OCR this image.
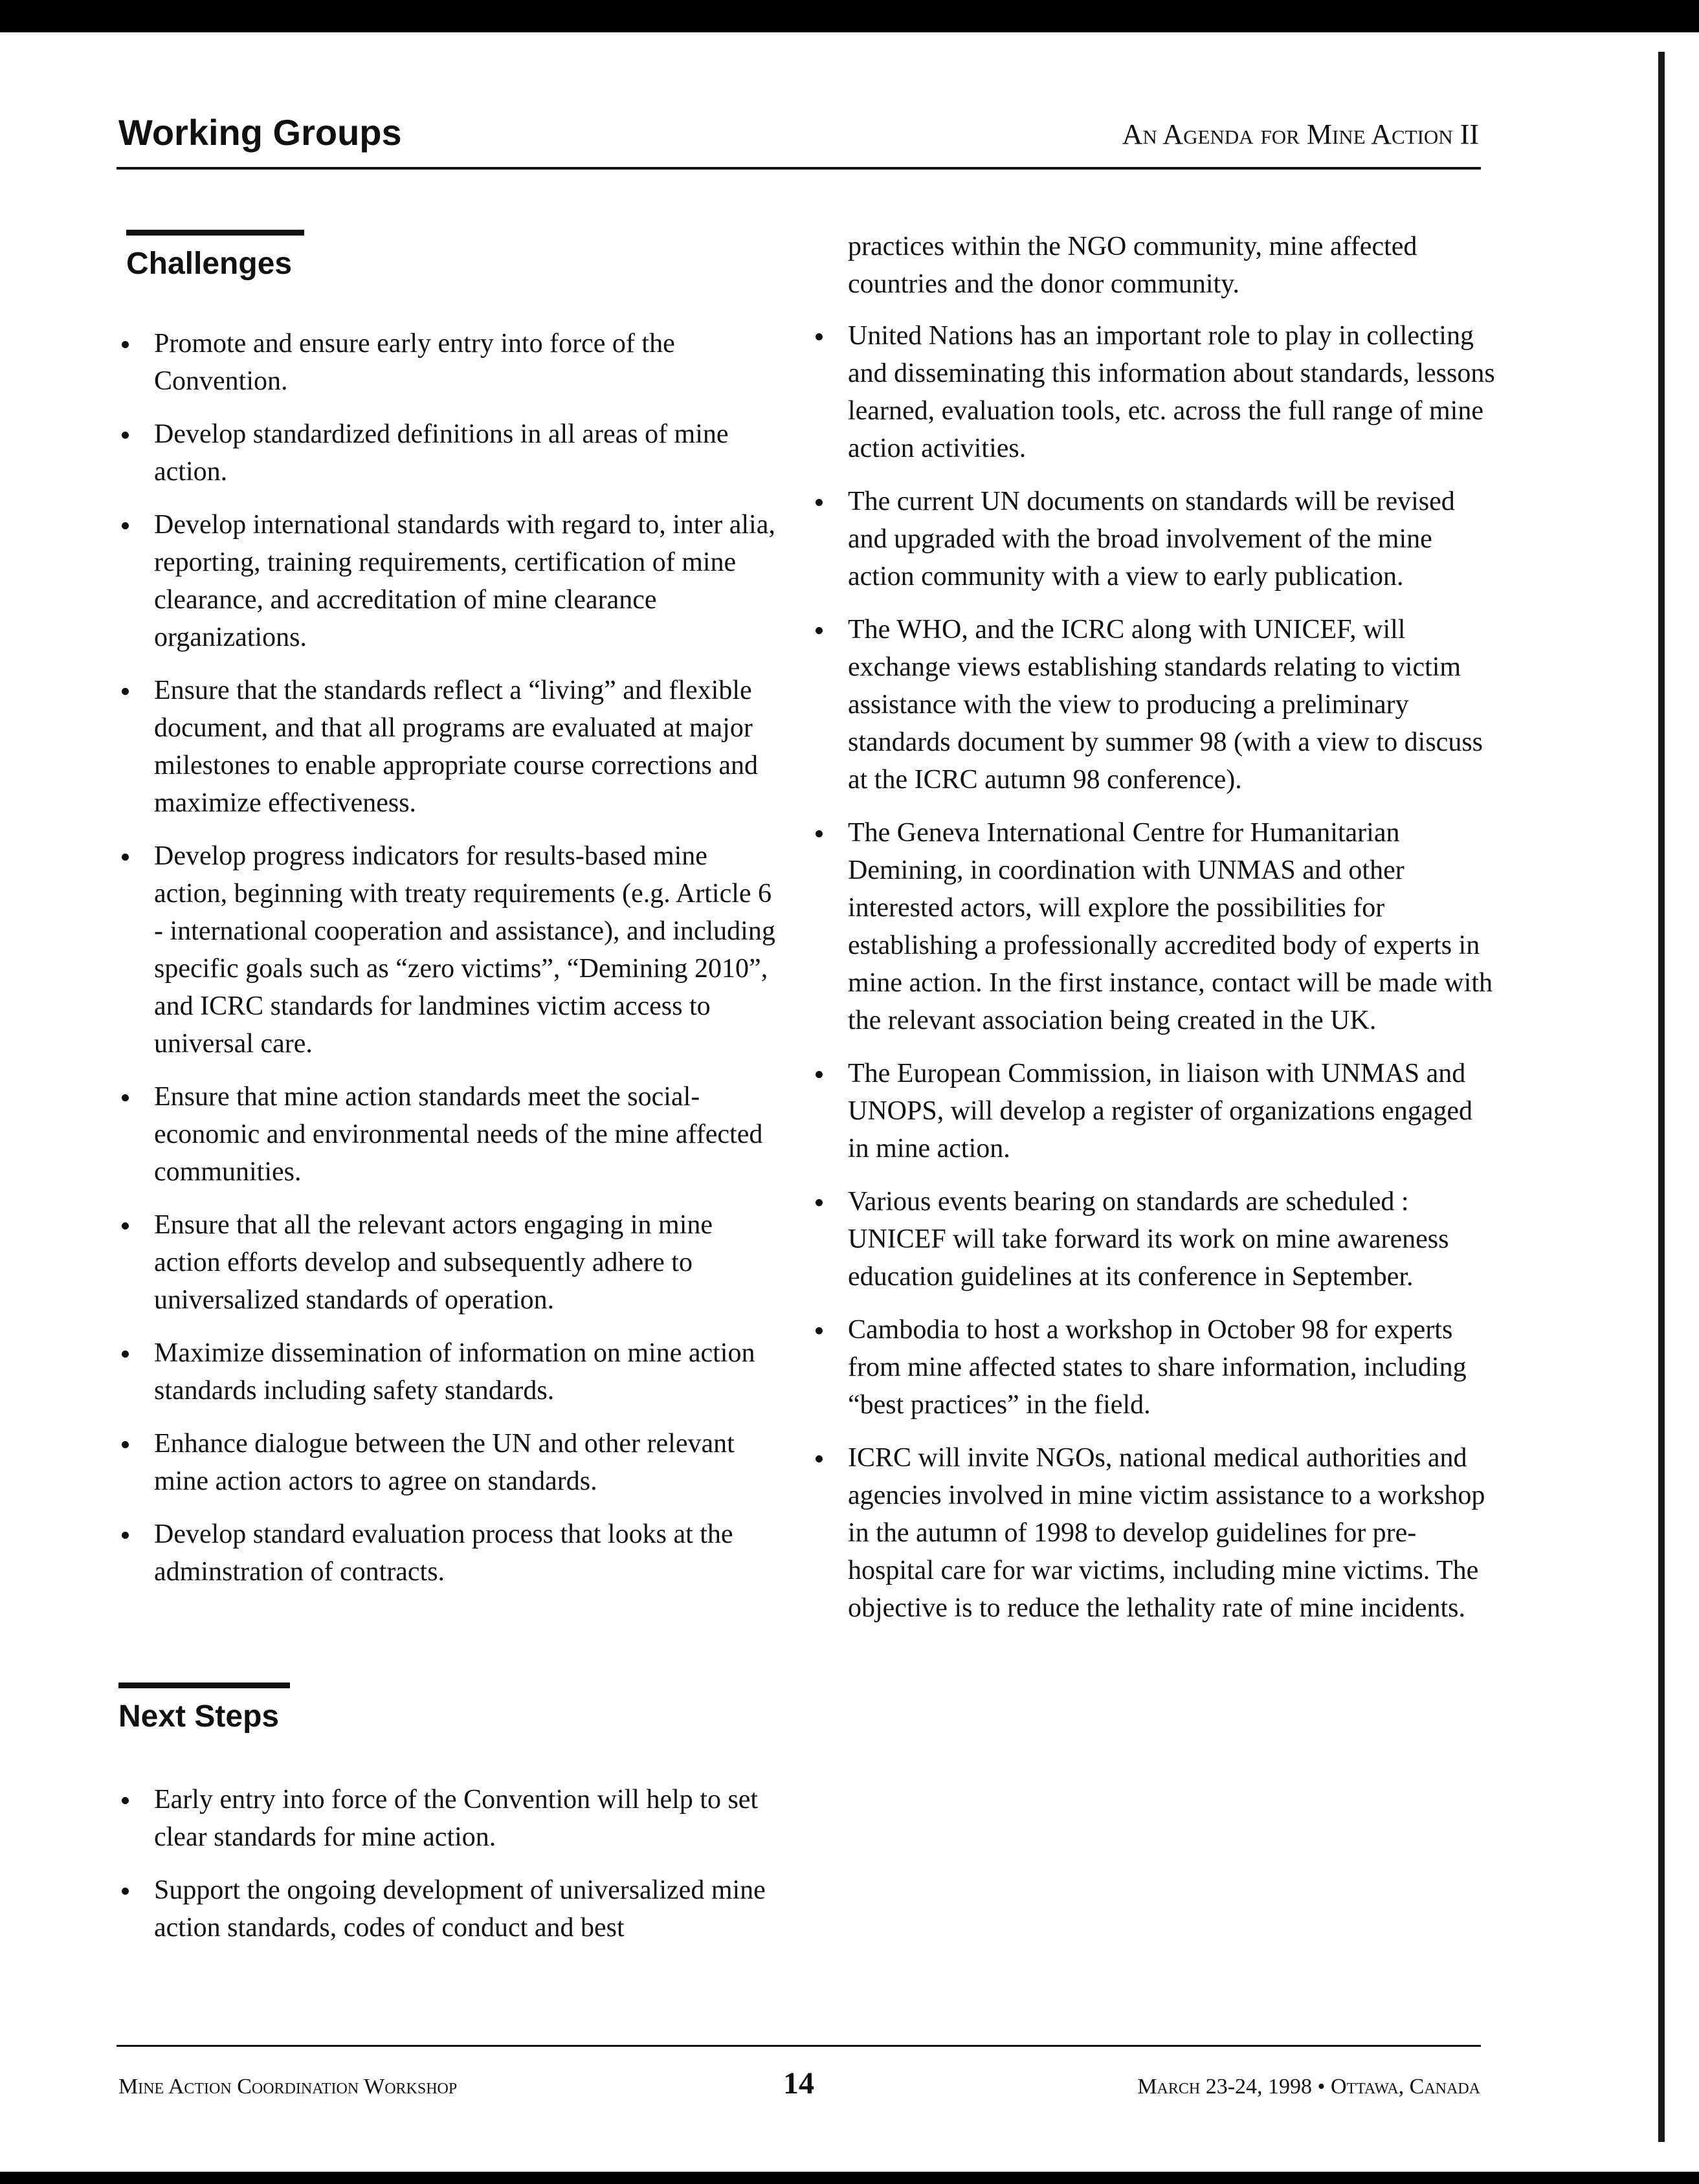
Working Groups	An Agenda for Mine Action II
Challenges
Promote and ensure early entry into force of the Convention.
Develop standardized definitions in all areas of mine action.
Develop international standards with regard to, inter alia, reporting, training requirements, certification of mine clearance, and accreditation of mine clearance organizations.
Ensure that the standards reflect a “living” and flexible document, and that all programs are evaluated at major milestones to enable appropriate course corrections and maximize effectiveness.
Develop progress indicators for results-based mine action, beginning with treaty requirements (e.g. Article 6 - international cooperation and assistance), and including specific goals such as “zero victims”, “Demining 2010”, and ICRC standards for landmines victim access to universal care.
Ensure that mine action standards meet the social-economic and environmental needs of the mine affected communities.
Ensure that all the relevant actors engaging in mine action efforts develop and subsequently adhere to universalized standards of operation.
Maximize dissemination of information on mine action standards including safety standards.
Enhance dialogue between the UN and other relevant mine action actors to agree on standards.
Develop standard evaluation process that looks at the adminstration of contracts.
Next Steps
Early entry into force of the Convention will help to set clear standards for mine action.
Support the ongoing development of universalized mine action standards, codes of conduct and best

practices within the NGO community, mine affected countries and the donor community.

United Nations has an important role to play in collecting and disseminating this information about standards, lessons learned, evaluation tools, etc. across the full range of mine action activities.
The current UN documents on standards will be revised and upgraded with the broad involvement of the mine action community with a view to early publication.
The WHO, and the ICRC along with UNICEF, will exchange views establishing standards relating to victim assistance with the view to producing a preliminary standards document by summer 98 (with a view to discuss at the ICRC autumn 98 conference).
The Geneva International Centre for Humanitarian Demining, in coordination with UNMAS and other interested actors, will explore the possibilities for establishing a professionally accredited body of experts in mine action. In the first instance, contact will be made with the relevant association being created in the UK.
The European Commission, in liaison with UNMAS and UNOPS, will develop a register of organizations engaged in mine action.
Various events bearing on standards are scheduled : UNICEF will take forward its work on mine awareness education guidelines at its conference in September.
Cambodia to host a workshop in October 98 for experts from mine affected states to share information, including “best practices” in the field.
ICRC will invite NGOs, national medical authorities and agencies involved in mine victim assistance to a workshop in the autumn of 1998 to develop guidelines for pre-hospital care for war victims, including mine victims. The objective is to reduce the lethality rate of mine incidents.
Mine Action Coordination Workshop	14	March 23-24, 1998 • Ottawa, Canada
